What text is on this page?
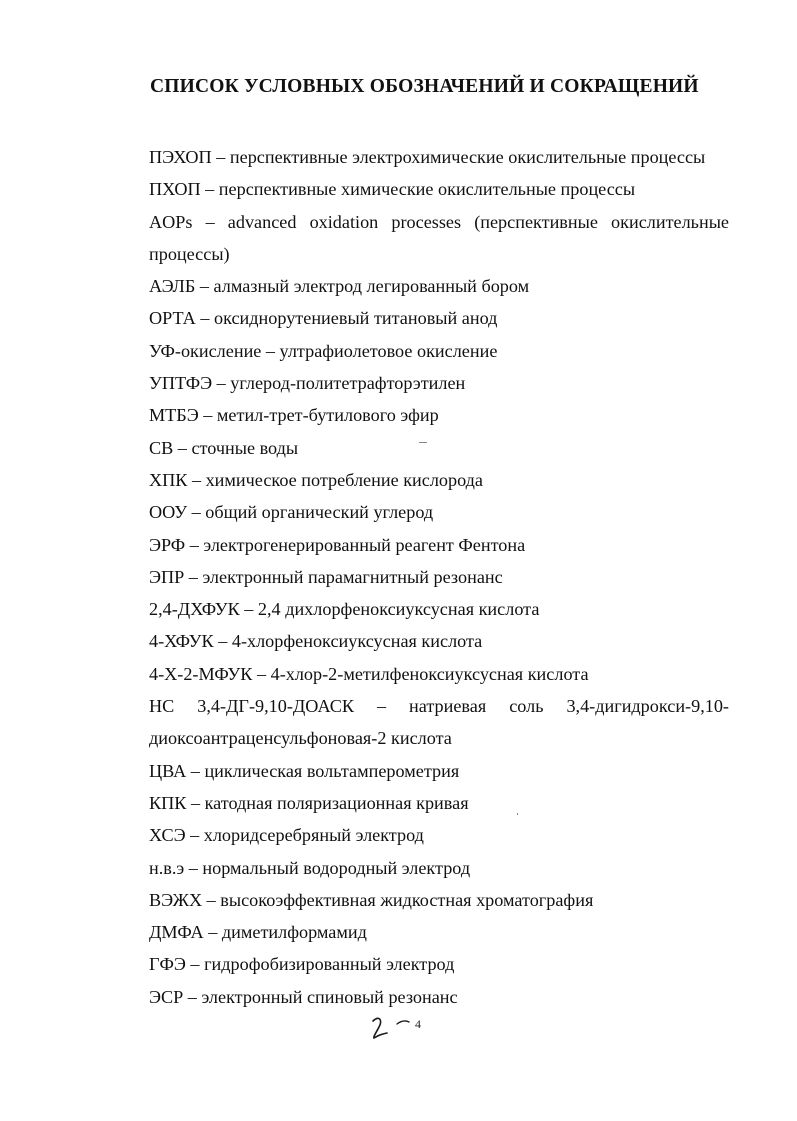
СПИСОК УСЛОВНЫХ ОБОЗНАЧЕНИЙ И СОКРАЩЕНИЙ
ПЭХОП – перспективные электрохимические окислительные процессы
ПХОП – перспективные химические окислительные процессы
AOPs – advanced oxidation processes (перспективные окислительные
процессы)
АЭЛБ – алмазный электрод легированный бором
ОРТА – оксиднорутениевый титановый анод
УФ-окисление – ултрафиолетовое окисление
УПТФЭ – углерод-политетрафторэтилен
МТБЭ – метил-трет-бутилового эфир
СВ – сточные воды
ХПК – химическое потребление кислорода
ООУ – общий органический углерод
ЭРФ – электрогенерированный реагент Фентона
ЭПР – электронный парамагнитный резонанс
2,4-ДХФУК – 2,4 дихлорфеноксиуксусная кислота
4-ХФУК – 4-хлорфеноксиуксусная кислота
4-Х-2-МФУК – 4-хлор-2-метилфеноксиуксусная кислота
НС 3,4-ДГ-9,10-ДОАСК – натриевая соль 3,4-дигидрокси-9,10-
диоксоантраценсульфоновая-2 кислота
ЦВА – циклическая вольтамперометрия
КПК – катодная поляризационная кривая
ХСЭ – хлоридсеребряный электрод
н.в.э – нормальный водородный электрод
ВЭЖХ – высокоэффективная жидкостная хроматография
ДМФА – диметилформамид
ГФЭ – гидрофобизированный электрод
ЭСР – электронный спиновый резонанс
4
